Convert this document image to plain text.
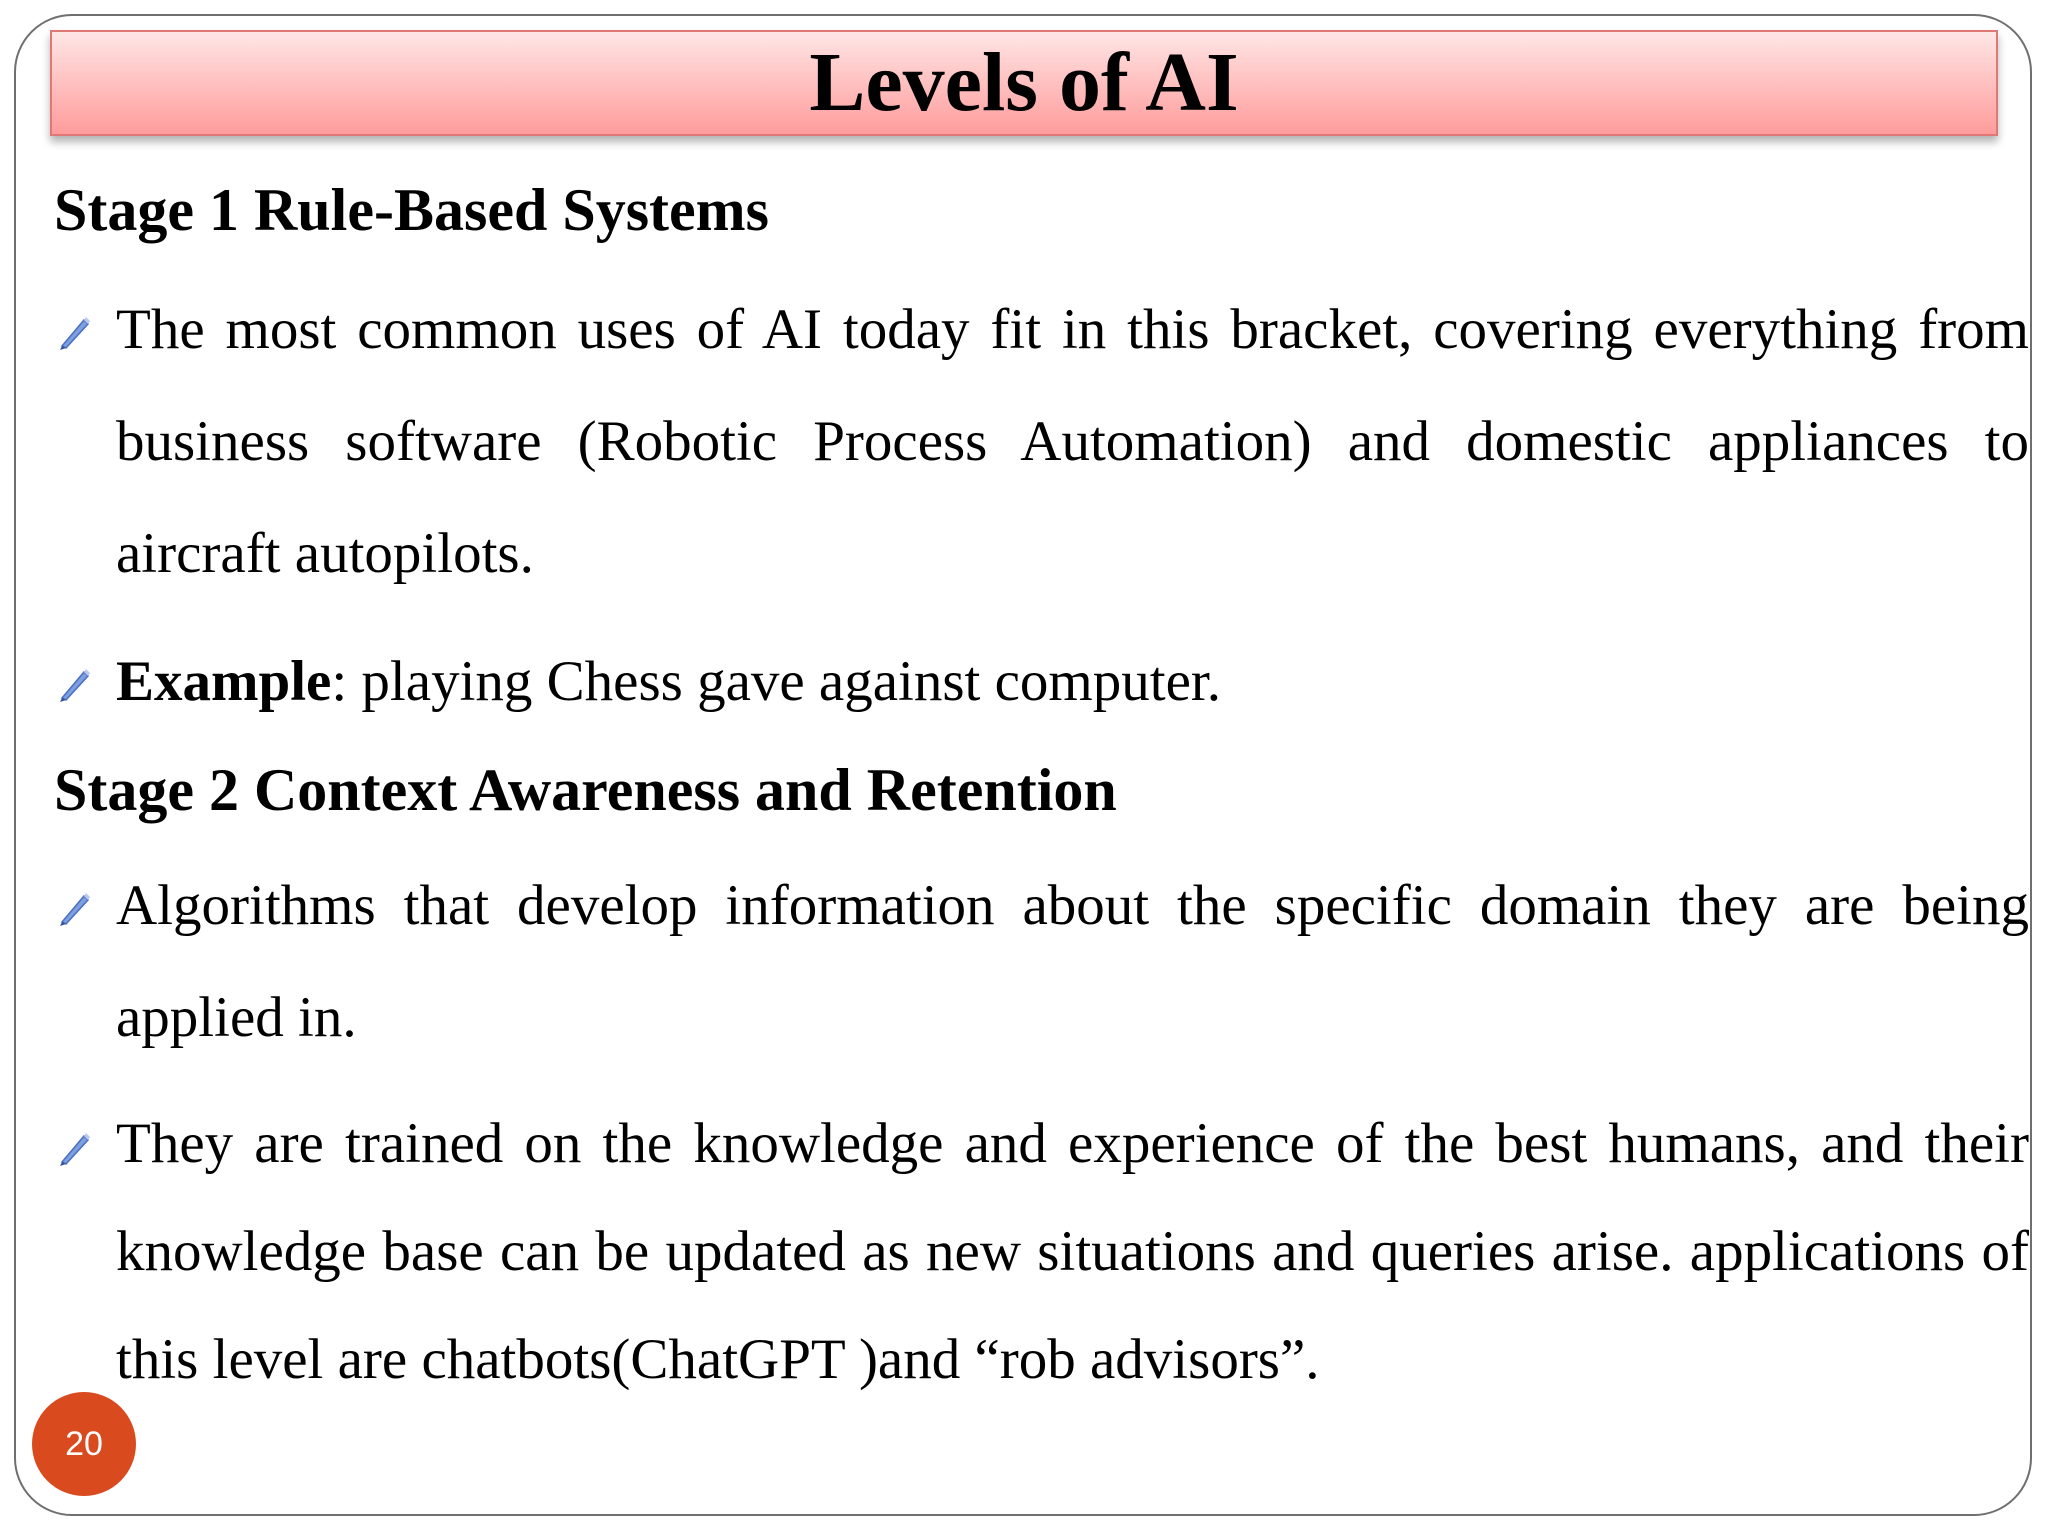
Levels of AI
20

Stage 1 Rule-Based Systems

The most common uses of AI today fit in this bracket, covering everything from business software (Robotic Process Automation) and domestic appliances to aircraft autopilots.

Example: playing Chess gave against computer.

Stage 2 Context Awareness and Retention

Algorithms that develop information about the specific domain they are being applied in.

They are trained on the knowledge and experience of the best humans, and their knowledge base can be updated as new situations and queries arise. applications of this level are chatbots(ChatGPT )and “rob advisors”.
